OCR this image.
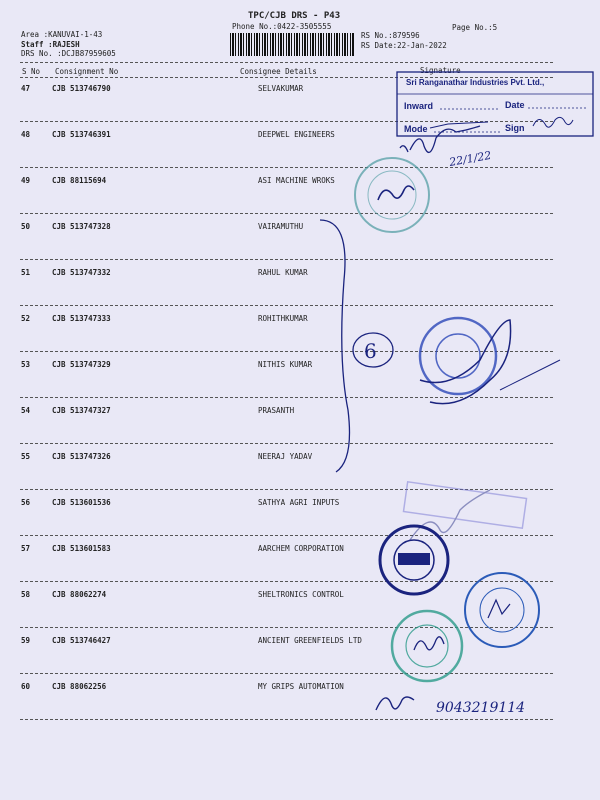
TPC/CJB DRS - P43
Phone No.:0422-3505555	Page No.:5
Area :KANUVAI-1-43
Staff :RAJESH
DRS No. :DCJB87959605
RS No.:879596
RS Date:22-Jan-2022
S No Consignment No	Consignee Details	Signature
47	CJB 513746790	SELVAKUMAR
48	CJB 513746391	DEEPWEL ENGINEERS
49	CJB 88115694	ASI MACHINE WROKS
50	CJB 513747328	VAIRAMUTHU
51	CJB 513747332	RAHUL KUMAR
52	CJB 513747333	ROHITHKUMAR
53	CJB 513747329	NITHIS KUMAR
54	CJB 513747327	PRASANTH
55	CJB 513747326	NEERAJ YADAV
56	CJB 513601536	SATHYA AGRI INPUTS
57	CJB 513601583	AARCHEM CORPORATION
58	CJB 88062274	SHELTRONICS CONTROL
59	CJB 513746427	ANCIENT GREENFIELDS LTD
60	CJB 88062256	MY GRIPS AUTOMATION
Sri Ranganathar Industries Pvt. Ltd.,
Inward	Date
Mode	Sign
22/1/22
6
9043219114
